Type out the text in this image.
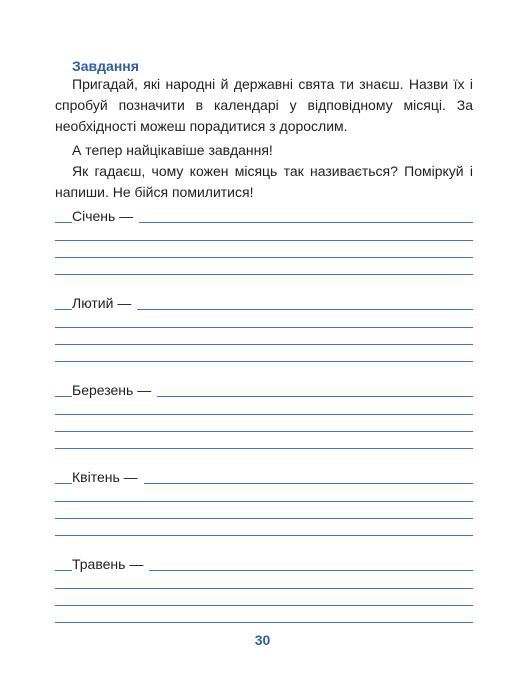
Завдання

Пригадай, які народні й державні свята ти знаєш. Назви їх і спробуй позначити в календарі у відповідному місяці. За необхідності можеш порадитися з дорослим.

А тепер найцікавіше завдання!

Як гадаєш, чому кожен місяць так називається? Поміркуй і напиши. Не бійся помилитися!

Січень —
Лютий —
Березень —
Квітень —
Травень —
30
